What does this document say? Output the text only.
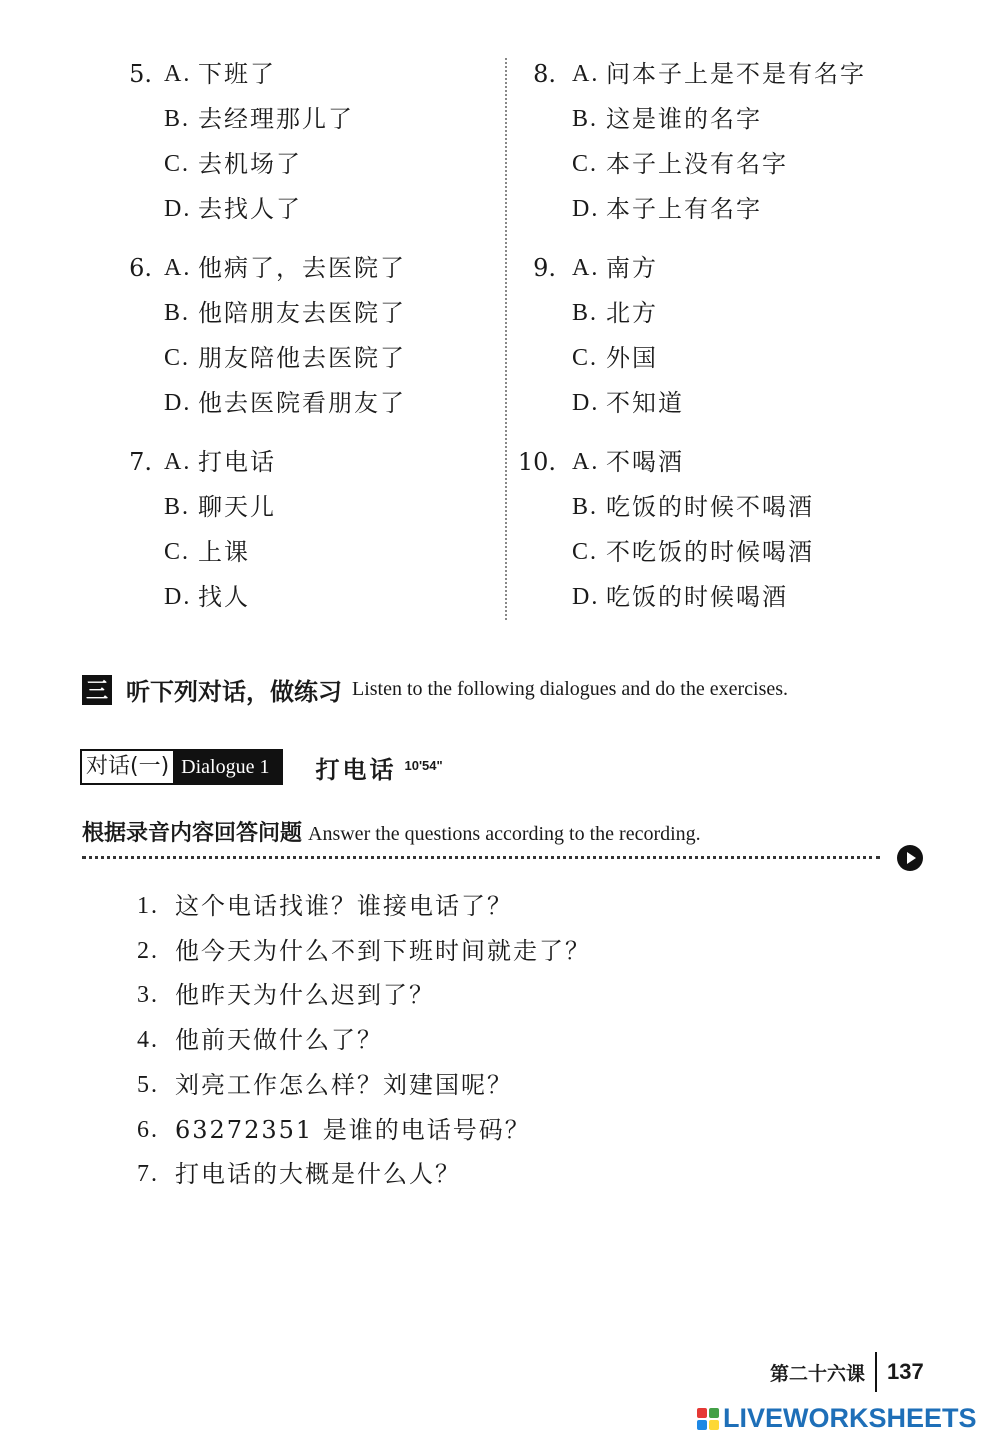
5. A. 下班了
B. 去经理那儿了
C. 去机场了
D. 去找人了
6. A. 他病了，去医院了
B. 他陪朋友去医院了
C. 朋友陪他去医院了
D. 他去医院看朋友了
7. A. 打电话
B. 聊天儿
C. 上课
D. 找人
8. A. 问本子上是不是有名字
B. 这是谁的名字
C. 本子上没有名字
D. 本子上有名字
9. A. 南方
B. 北方
C. 外国
D. 不知道
10. A. 不喝酒
B. 吃饭的时候不喝酒
C. 不吃饭的时候喝酒
D. 吃饭的时候喝酒
三 听下列对话，做练习 Listen to the following dialogues and do the exercises.
对话(一) Dialogue 1	打电话 10'54"
根据录音内容回答问题 Answer the questions according to the recording.
1. 这个电话找谁？谁接电话了？
2. 他今天为什么不到下班时间就走了？
3. 他昨天为什么迟到了？
4. 他前天做什么了？
5. 刘亮工作怎么样？刘建国呢？
6. 63272351 是谁的电话号码？
7. 打电话的大概是什么人？
第二十六课 137
LIVEWORKSHEETS
